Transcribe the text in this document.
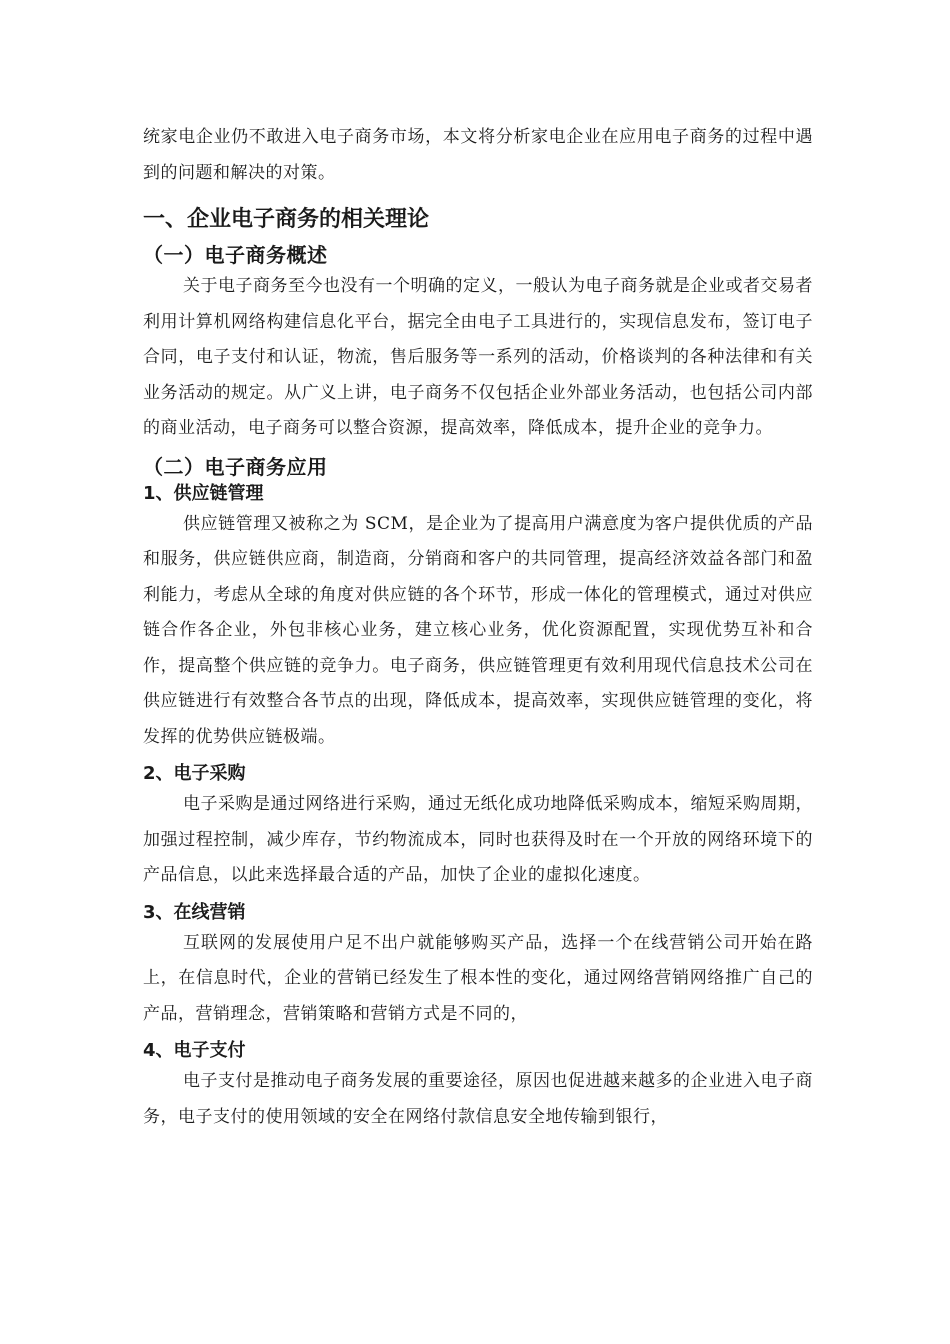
统家电企业仍不敢进入电子商务市场，本文将分析家电企业在应用电子商务的过程中遇到的问题和解决的对策。

一、企业电子商务的相关理论
（一）电子商务概述

关于电子商务至今也没有一个明确的定义，一般认为电子商务就是企业或者交易者利用计算机网络构建信息化平台，据完全由电子工具进行的，实现信息发布，签订电子合同，电子支付和认证，物流，售后服务等一系列的活动，价格谈判的各种法律和有关业务活动的规定。从广义上讲，电子商务不仅包括企业外部业务活动，也包括公司内部的商业活动，电子商务可以整合资源，提高效率，降低成本，提升企业的竞争力。

（二）电子商务应用
1、供应链管理

供应链管理又被称之为 SCM，是企业为了提高用户满意度为客户提供优质的产品和服务，供应链供应商，制造商，分销商和客户的共同管理，提高经济效益各部门和盈利能力，考虑从全球的角度对供应链的各个环节，形成一体化的管理模式，通过对供应链合作各企业，外包非核心业务，建立核心业务，优化资源配置，实现优势互补和合作，提高整个供应链的竞争力。电子商务，供应链管理更有效利用现代信息技术公司在供应链进行有效整合各节点的出现，降低成本，提高效率，实现供应链管理的变化，将发挥的优势供应链极端。

2、电子采购

电子采购是通过网络进行采购，通过无纸化成功地降低采购成本，缩短采购周期，加强过程控制，减少库存，节约物流成本，同时也获得及时在一个开放的网络环境下的产品信息，以此来选择最合适的产品，加快了企业的虚拟化速度。

3、在线营销

互联网的发展使用户足不出户就能够购买产品，选择一个在线营销公司开始在路上，在信息时代，企业的营销已经发生了根本性的变化，通过网络营销网络推广自己的产品，营销理念，营销策略和营销方式是不同的，

4、电子支付

电子支付是推动电子商务发展的重要途径，原因也促进越来越多的企业进入电子商务，电子支付的使用领域的安全在网络付款信息安全地传输到银行，
